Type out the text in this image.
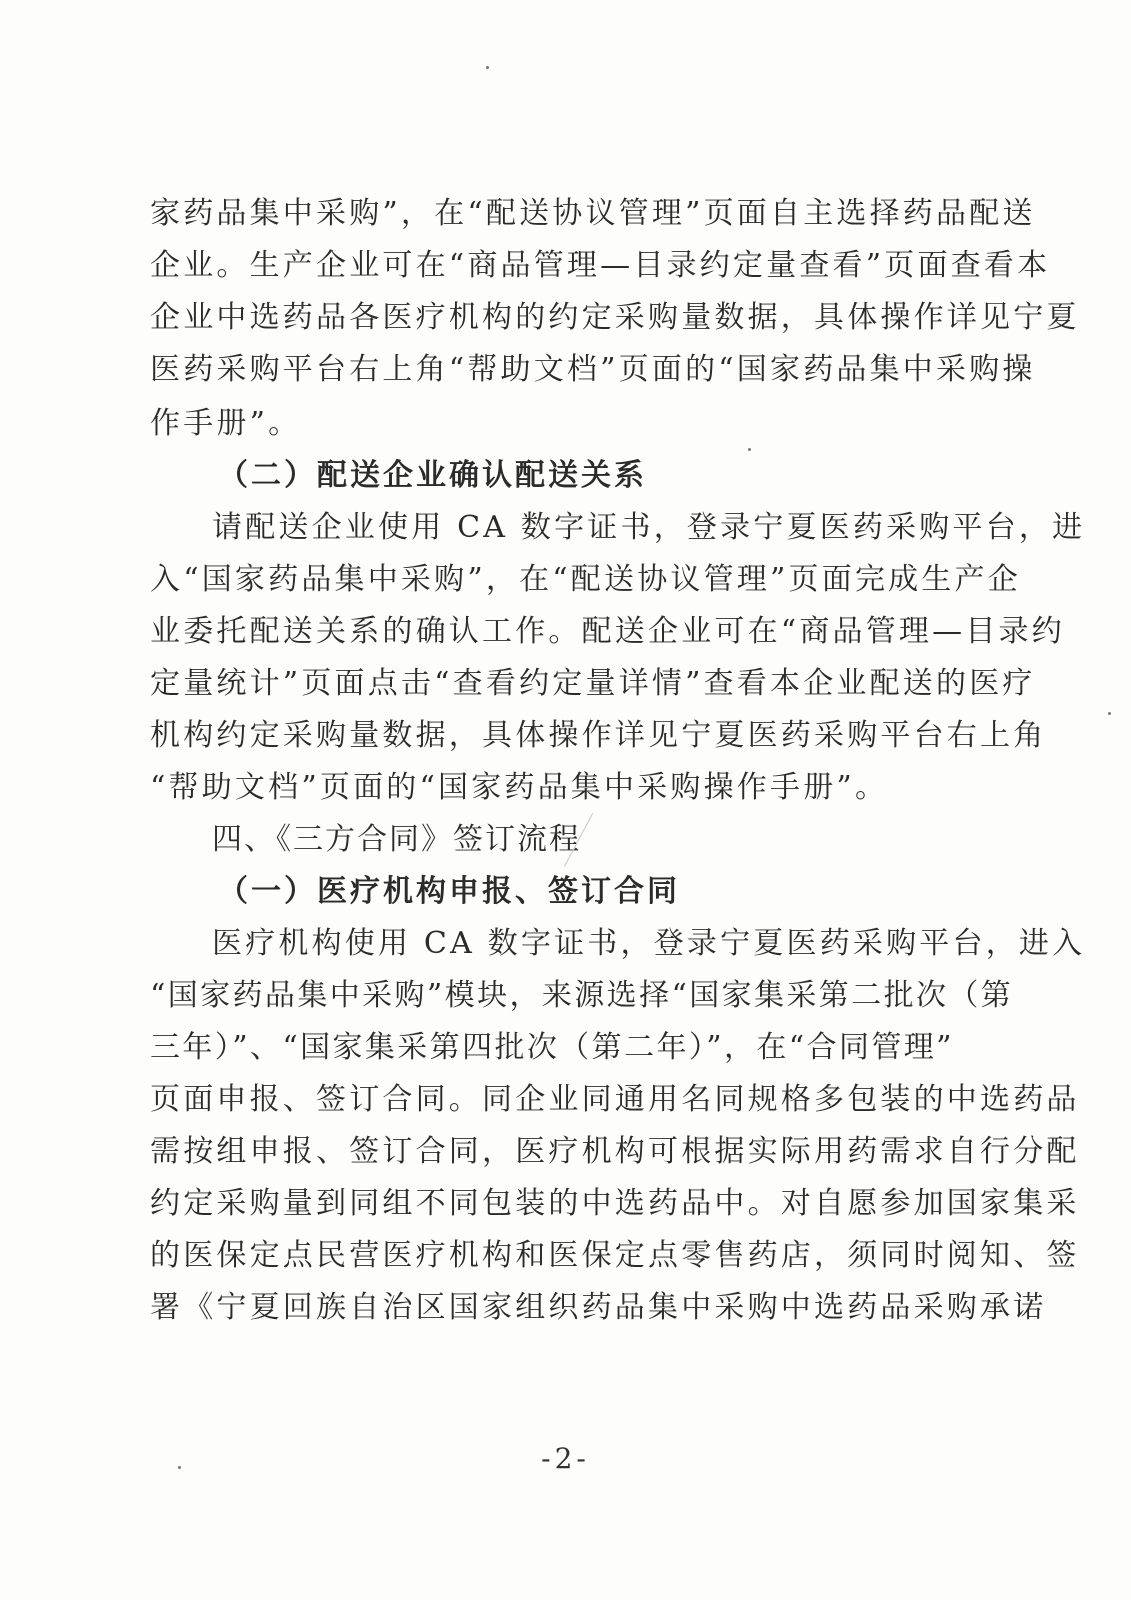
家药品集中采购”，在“配送协议管理”页面自主选择药品配送
企业。生产企业可在“商品管理—目录约定量查看”页面查看本
企业中选药品各医疗机构的约定采购量数据，具体操作详见宁夏
医药采购平台右上角“帮助文档”页面的“国家药品集中采购操
作手册”。
（二）配送企业确认配送关系
请配送企业使用 CA 数字证书，登录宁夏医药采购平台，进
入“国家药品集中采购”，在“配送协议管理”页面完成生产企
业委托配送关系的确认工作。配送企业可在“商品管理—目录约
定量统计”页面点击“查看约定量详情”查看本企业配送的医疗
机构约定采购量数据，具体操作详见宁夏医药采购平台右上角
“帮助文档”页面的“国家药品集中采购操作手册”。
四、《三方合同》签订流程
（一）医疗机构申报、签订合同
医疗机构使用 CA 数字证书，登录宁夏医药采购平台，进入
“国家药品集中采购”模块，来源选择“国家集采第二批次（第
三年）”、“国家集采第四批次（第二年）”，在“合同管理”
页面申报、签订合同。同企业同通用名同规格多包装的中选药品
需按组申报、签订合同，医疗机构可根据实际用药需求自行分配
约定采购量到同组不同包装的中选药品中。对自愿参加国家集采
的医保定点民营医疗机构和医保定点零售药店，须同时阅知、签
署《宁夏回族自治区国家组织药品集中采购中选药品采购承诺
-2-
